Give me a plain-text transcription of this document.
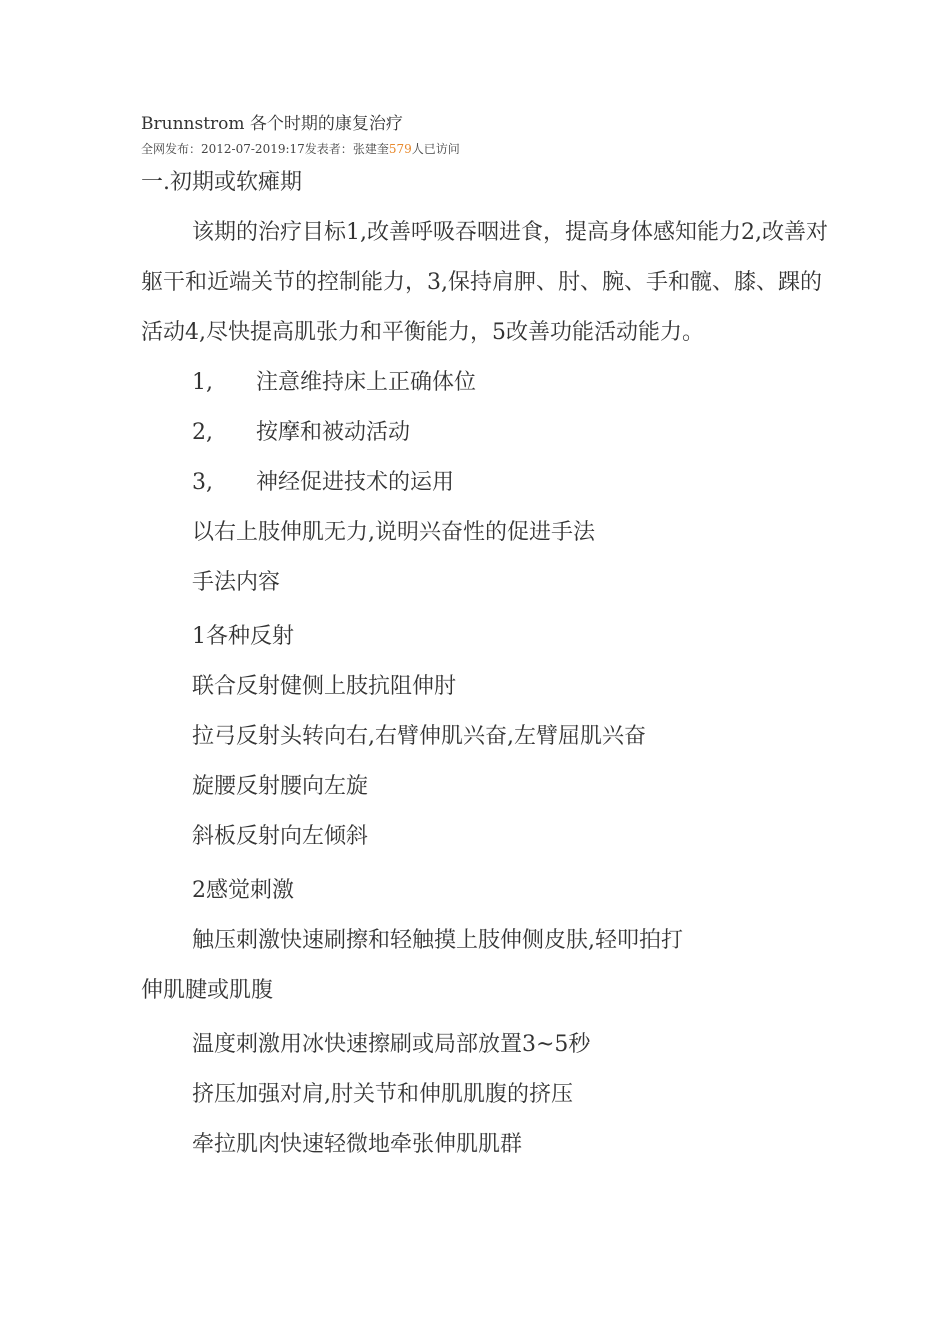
Brunnstrom 各个时期的康复治疗

全网发布：2012-07-2019:17发表者：张建奎579人已访问

一.初期或软瘫期

该期的治疗目标1,改善呼吸吞咽进食，提高身体感知能力2,改善对躯干和近端关节的控制能力，3,保持肩胛、肘、腕、手和髋、膝、踝的活动4,尽快提高肌张力和平衡能力，5改善功能活动能力。

1, 注意维持床上正确体位

2, 按摩和被动活动

3, 神经促进技术的运用

以右上肢伸肌无力,说明兴奋性的促进手法

手法内容

1各种反射

联合反射健侧上肢抗阻伸肘

拉弓反射头转向右,右臂伸肌兴奋,左臂屈肌兴奋

旋腰反射腰向左旋

斜板反射向左倾斜

2感觉刺激

触压刺激快速刷擦和轻触摸上肢伸侧皮肤,轻叩拍打

伸肌腱或肌腹

温度刺激用冰快速擦刷或局部放置3~5秒

挤压加强对肩,肘关节和伸肌肌腹的挤压

牵拉肌肉快速轻微地牵张伸肌肌群
